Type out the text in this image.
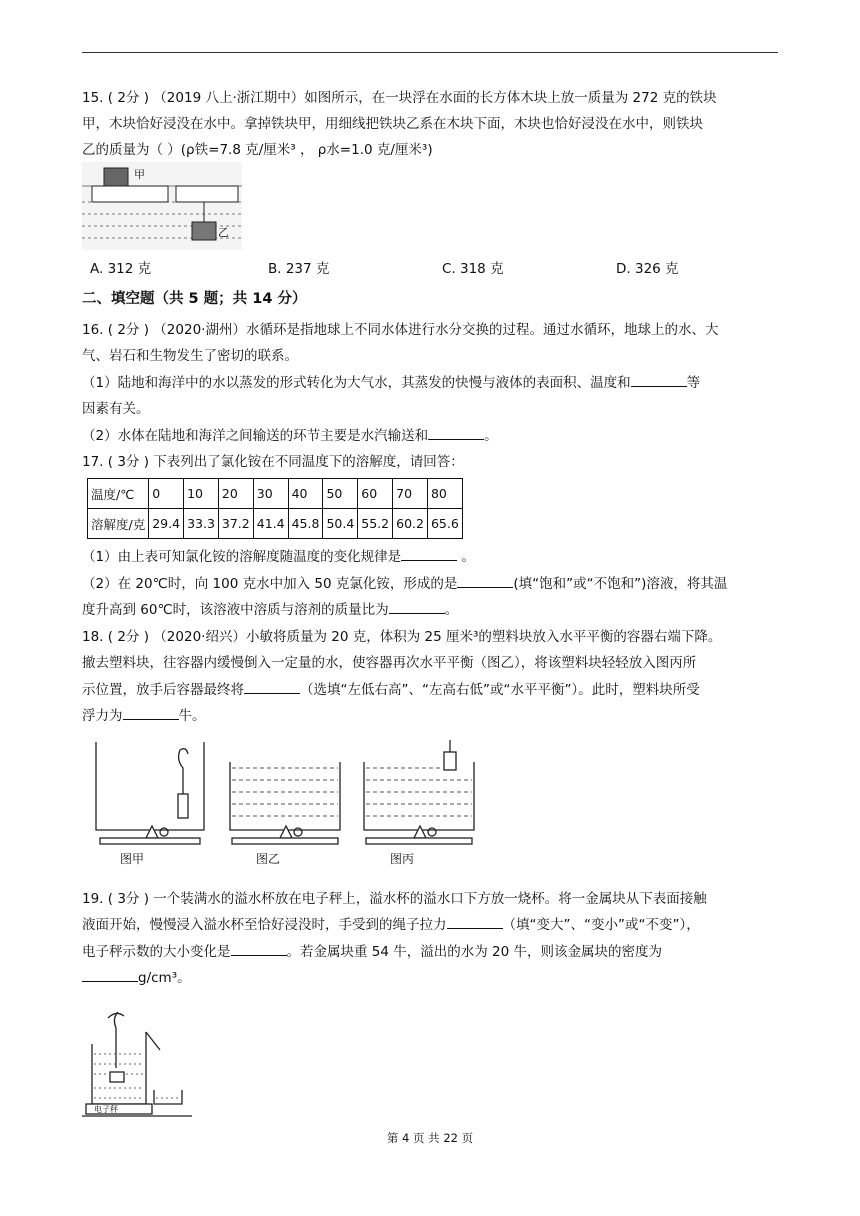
15. ( 2分 ) （2019 八上·浙江期中）如图所示，在一块浮在水面的长方体木块上放一质量为 272 克的铁块

甲，木块恰好浸没在水中。拿掉铁块甲，用细线把铁块乙系在木块下面，木块也恰好浸没在水中，则铁块

乙的质量为（ ）(ρ铁=7.8 克/厘米³ ， ρ水=1.0 克/厘米³)

甲
乙
A. 312 克	B. 237 克	C. 318 克	D. 326 克
二、填空题（共 5 题；共 14 分）

16. ( 2分 ) （2020·湖州）水循环是指地球上不同水体进行水分交换的过程。通过水循环，地球上的水、大

气、岩石和生物发生了密切的联系。

（1）陆地和海洋中的水以蒸发的形式转化为大气水，其蒸发的快慢与液体的表面积、温度和	等

因素有关。

（2）水体在陆地和海洋之间输送的环节主要是水汽输送和	。

17. ( 3分 ) 下表列出了氯化铵在不同温度下的溶解度，请回答：

温度/℃	0	10	20	30	40	50	60	70	80
溶解度/克	29.4	33.3	37.2	41.4	45.8	50.4	55.2	60.2	65.6

（1）由上表可知氯化铵的溶解度随温度的变化规律是	。

（2）在 20℃时，向 100 克水中加入 50 克氯化铵，形成的是	(填“饱和”或“不饱和”)溶液，将其温

度升高到 60℃时，该溶液中溶质与溶剂的质量比为	。

18. ( 2分 ) （2020·绍兴）小敏将质量为 20 克，体积为 25 厘米³的塑料块放入水平平衡的容器右端下降。

撤去塑料块，往容器内缓慢倒入一定量的水，使容器再次水平平衡（图乙），将该塑料块轻轻放入图丙所

示位置，放手后容器最终将	（选填“左低右高”、“左高右低”或“水平平衡”）。此时，塑料块所受

浮力为	牛。

图甲	图乙	图丙

19. ( 3分 ) 一个装满水的溢水杯放在电子秤上，溢水杯的溢水口下方放一烧杯。将一金属块从下表面接触

液面开始，慢慢浸入溢水杯至恰好浸没时，手受到的绳子拉力	（填“变大”、“变小”或“不变”），

电子秤示数的大小变化是	。若金属块重 54 牛，溢出的水为 20 牛，则该金属块的密度为

g/cm³。

电子秤
第 4 页 共 22 页
